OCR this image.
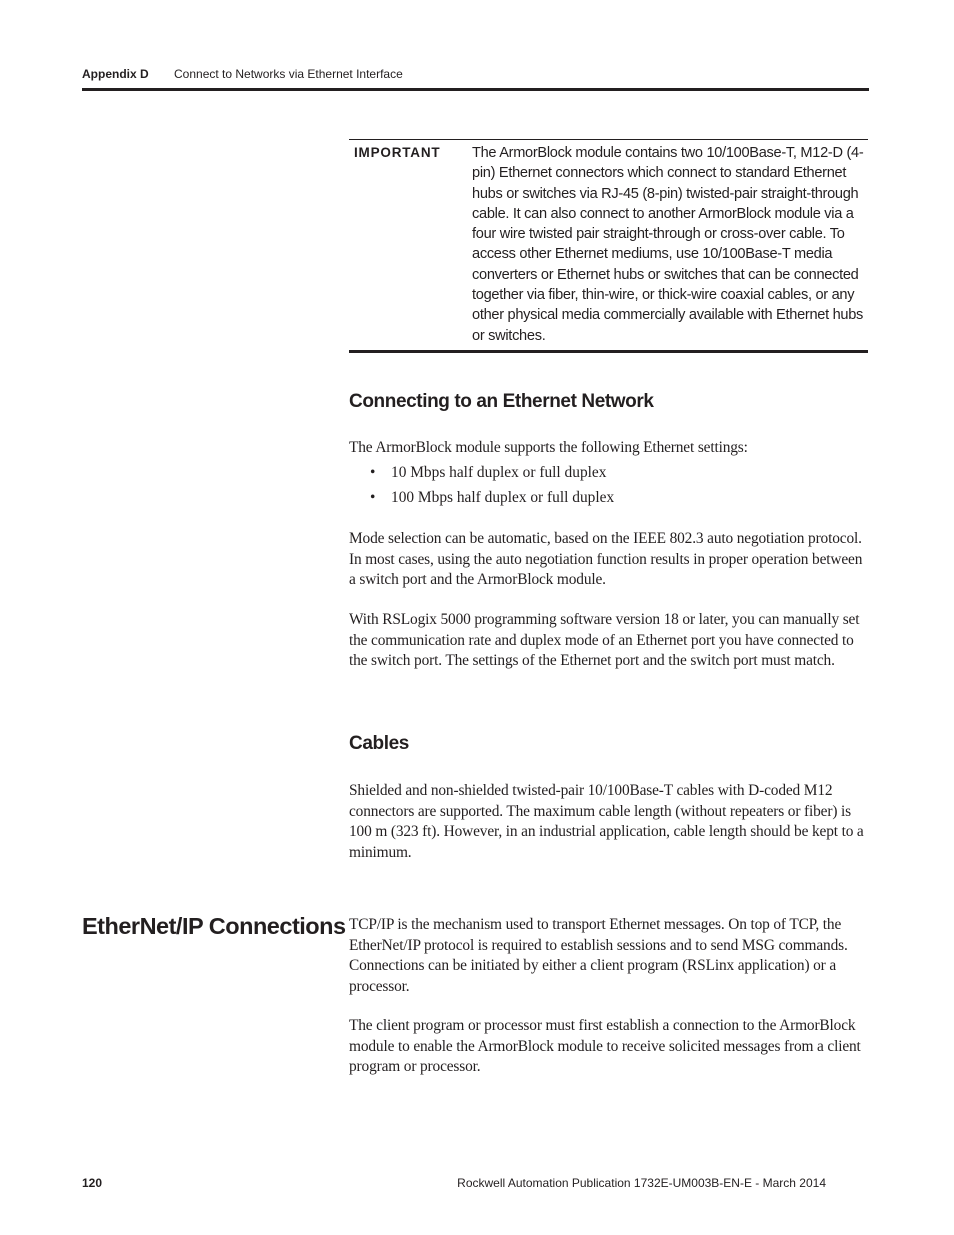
Appendix D Connect to Networks via Ethernet Interface
IMPORTANT The ArmorBlock module contains two 10/100Base-T, M12-D (4-pin) Ethernet connectors which connect to standard Ethernet hubs or switches via RJ-45 (8-pin) twisted-pair straight-through cable. It can also connect to another ArmorBlock module via a four wire twisted pair straight-through or cross-over cable. To access other Ethernet mediums, use 10/100Base-T media converters or Ethernet hubs or switches that can be connected together via fiber, thin-wire, or thick-wire coaxial cables, or any other physical media commercially available with Ethernet hubs or switches.
Connecting to an Ethernet Network
The ArmorBlock module supports the following Ethernet settings:
• 10 Mbps half duplex or full duplex
• 100 Mbps half duplex or full duplex
Mode selection can be automatic, based on the IEEE 802.3 auto negotiation protocol. In most cases, using the auto negotiation function results in proper operation between a switch port and the ArmorBlock module.
With RSLogix 5000 programming software version 18 or later, you can manually set the communication rate and duplex mode of an Ethernet port you have connected to the switch port. The settings of the Ethernet port and the switch port must match.
Cables
Shielded and non-shielded twisted-pair 10/100Base-T cables with D-coded M12 connectors are supported. The maximum cable length (without repeaters or fiber) is 100 m (323 ft). However, in an industrial application, cable length should be kept to a minimum.
EtherNet/IP Connections TCP/IP is the mechanism used to transport Ethernet messages. On top of TCP, the EtherNet/IP protocol is required to establish sessions and to send MSG commands. Connections can be initiated by either a client program (RSLinx application) or a processor.
The client program or processor must first establish a connection to the ArmorBlock module to enable the ArmorBlock module to receive solicited messages from a client program or processor.
120	Rockwell Automation Publication 1732E-UM003B-EN-E - March 2014
